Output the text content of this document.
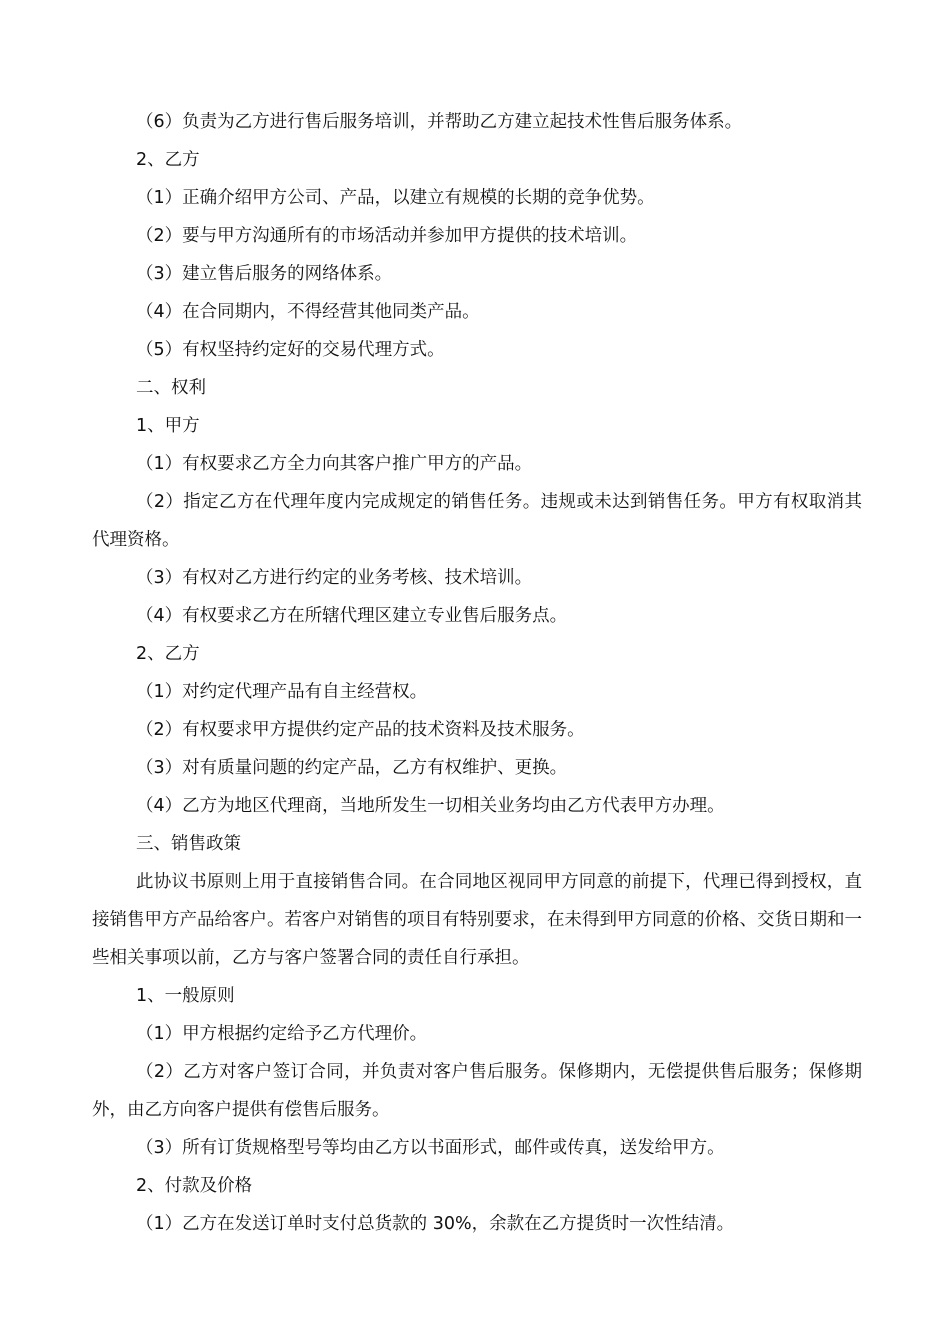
（6）负责为乙方进行售后服务培训，并帮助乙方建立起技术性售后服务体系。

2、乙方

（1）正确介绍甲方公司、产品，以建立有规模的长期的竞争优势。

（2）要与甲方沟通所有的市场活动并参加甲方提供的技术培训。

（3）建立售后服务的网络体系。

（4）在合同期内，不得经营其他同类产品。

（5）有权坚持约定好的交易代理方式。

二、权利

1、甲方

（1）有权要求乙方全力向其客户推广甲方的产品。

（2）指定乙方在代理年度内完成规定的销售任务。违规或未达到销售任务。甲方有权取消其代理资格。

（3）有权对乙方进行约定的业务考核、技术培训。

（4）有权要求乙方在所辖代理区建立专业售后服务点。

2、乙方

（1）对约定代理产品有自主经营权。

（2）有权要求甲方提供约定产品的技术资料及技术服务。

（3）对有质量问题的约定产品，乙方有权维护、更换。

（4）乙方为地区代理商，当地所发生一切相关业务均由乙方代表甲方办理。

三、销售政策

此协议书原则上用于直接销售合同。在合同地区视同甲方同意的前提下，代理已得到授权，直接销售甲方产品给客户。若客户对销售的项目有特别要求，在未得到甲方同意的价格、交货日期和一些相关事项以前，乙方与客户签署合同的责任自行承担。

1、一般原则

（1）甲方根据约定给予乙方代理价。

（2）乙方对客户签订合同，并负责对客户售后服务。保修期内，无偿提供售后服务；保修期外，由乙方向客户提供有偿售后服务。

（3）所有订货规格型号等均由乙方以书面形式，邮件或传真，送发给甲方。

2、付款及价格

（1）乙方在发送订单时支付总货款的 30%，余款在乙方提货时一次性结清。
